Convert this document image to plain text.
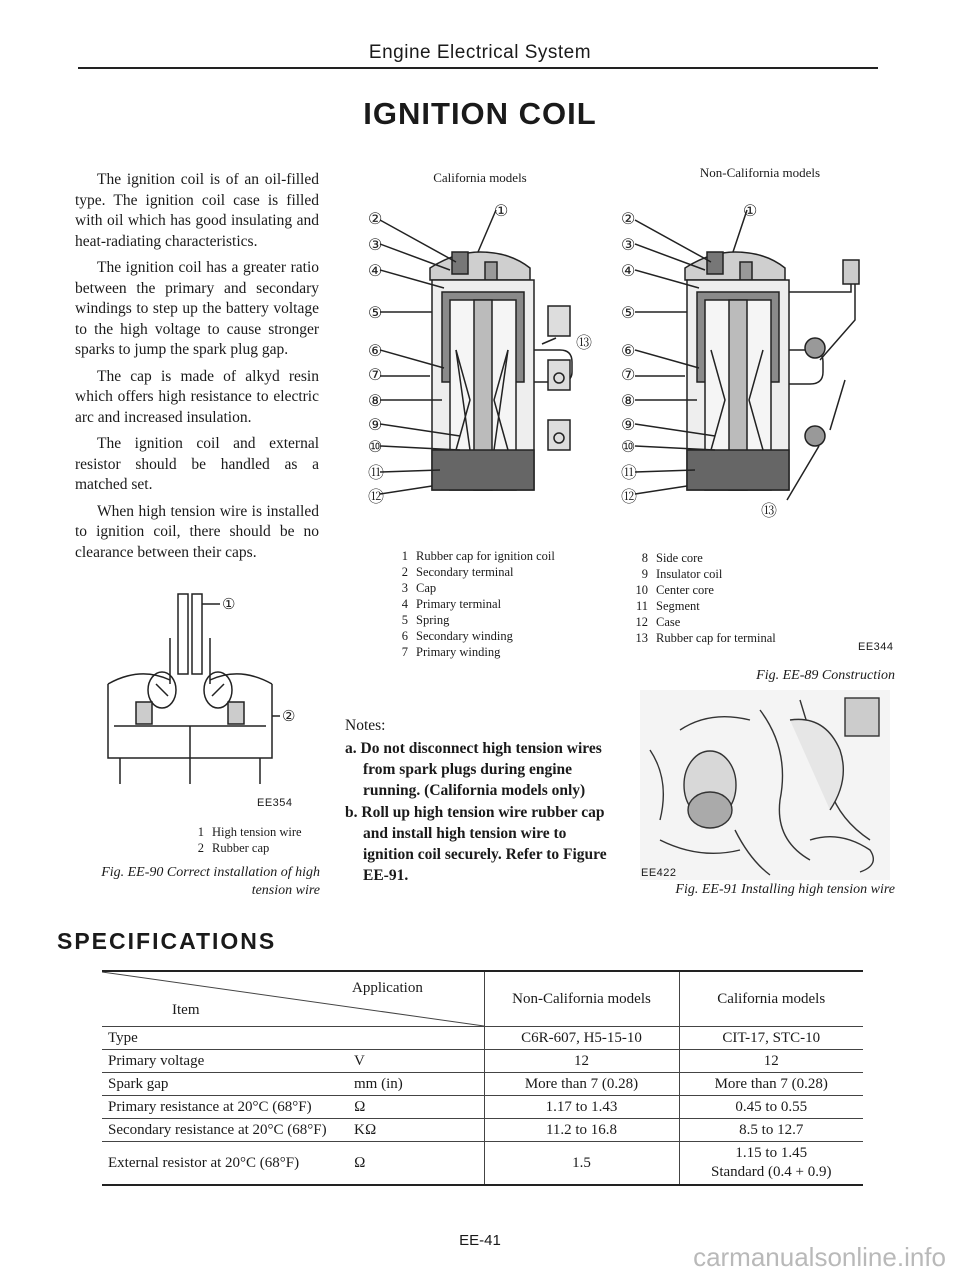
Engine Electrical System
IGNITION COIL

The ignition coil is of an oil-filled type. The ignition coil case is filled with oil which has good insulating and heat-radiating characteristics.

The ignition coil has a greater ratio between the primary and secondary windings to step up the battery voltage to the high voltage to cause stronger sparks to jump the spark plug gap.

The cap is made of alkyd resin which offers high resistance to electric arc and increased insulation.

The ignition coil and external resistor should be handled as a matched set.

When high tension wire is installed to ignition coil, there should be no clearance between their caps.

California models	Non-California models
②
③
④
⑤
⑥
⑦
⑧
⑨
⑩
⑪
⑫
①
⑬
②
③
④
⑤
⑥
⑦
⑧
⑨
⑩
⑪
⑫
①
⑬
1 Rubber cap for ignition coil
2 Secondary terminal
3 Cap
4 Primary terminal
5 Spring
6 Secondary winding
7 Primary winding
8 Side core
9 Insulator coil
10 Center core
11 Segment
12 Case
13 Rubber cap for terminal
EE344
Fig. EE-89 Construction
①
②
EE354
1 High tension wire
2 Rubber cap
Fig. EE-90 Correct installation of high
tension wire
Notes:
a. Do not disconnect high tension wires from spark plugs during engine running. (California models only)
b. Roll up high tension wire rubber cap and install high tension wire to ignition coil securely. Refer to Figure EE-91.	EE422
Fig. EE-91 Installing high tension wire
SPECIFICATIONS
Application
Item		Non-California models	California models
Type		C6R-607, H5-15-10	CIT-17, STC-10
Primary voltage	V	12	12
Spark gap	mm (in)	More than 7 (0.28)	More than 7 (0.28)
Primary resistance at 20°C (68°F)	Ω	1.17 to 1.43	0.45 to 0.55
Secondary resistance at 20°C (68°F)	KΩ	11.2 to 16.8	8.5 to 12.7
External resistor at 20°C (68°F)	Ω	1.5	1.15 to 1.45
Standard (0.4 + 0.9)
EE-41
carmanualsonline.info
